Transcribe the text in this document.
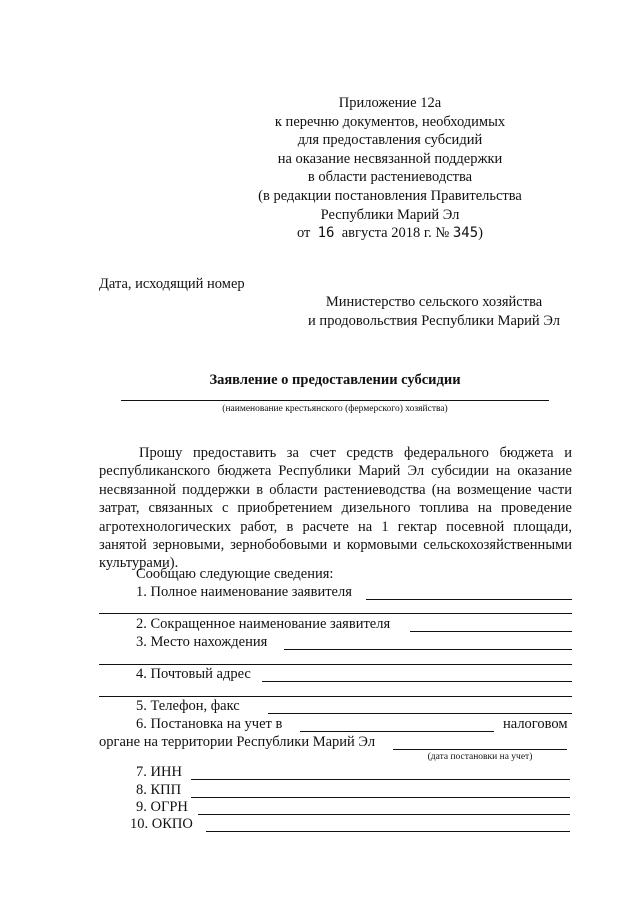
Приложение 12а
к перечню документов, необходимых
для предоставления субсидий
на оказание несвязанной поддержки
в области растениеводства
(в редакции постановления Правительства
Республики Марий Эл
от 16 августа 2018 г. № 345)
Дата, исходящий номер
Министерство сельского хозяйства
и продовольствия Республики Марий Эл
Заявление о предоставлении субсидии
(наименование крестьянского (фермерского) хозяйства)
Прошу предоставить за счет средств федерального бюджета и республиканского бюджета Республики Марий Эл субсидии на оказание несвязанной поддержки в области растениеводства (на возмещение части затрат, связанных с приобретением дизельного топлива на проведение агротехнологических работ, в расчете на 1 гектар посевной площади, занятой зерновыми, зернобобовыми и кормовыми сельскохозяйственными культурами).
Сообщаю следующие сведения:
1. Полное наименование заявителя
2. Сокращенное наименование заявителя
3. Место нахождения
4. Почтовый адрес
5. Телефон, факс
6. Постановка на учет в	налоговом
органе на территории Республики Марий Эл
(дата постановки на учет)
7. ИНН
8. КПП
9. ОГРН
10. ОКПО
